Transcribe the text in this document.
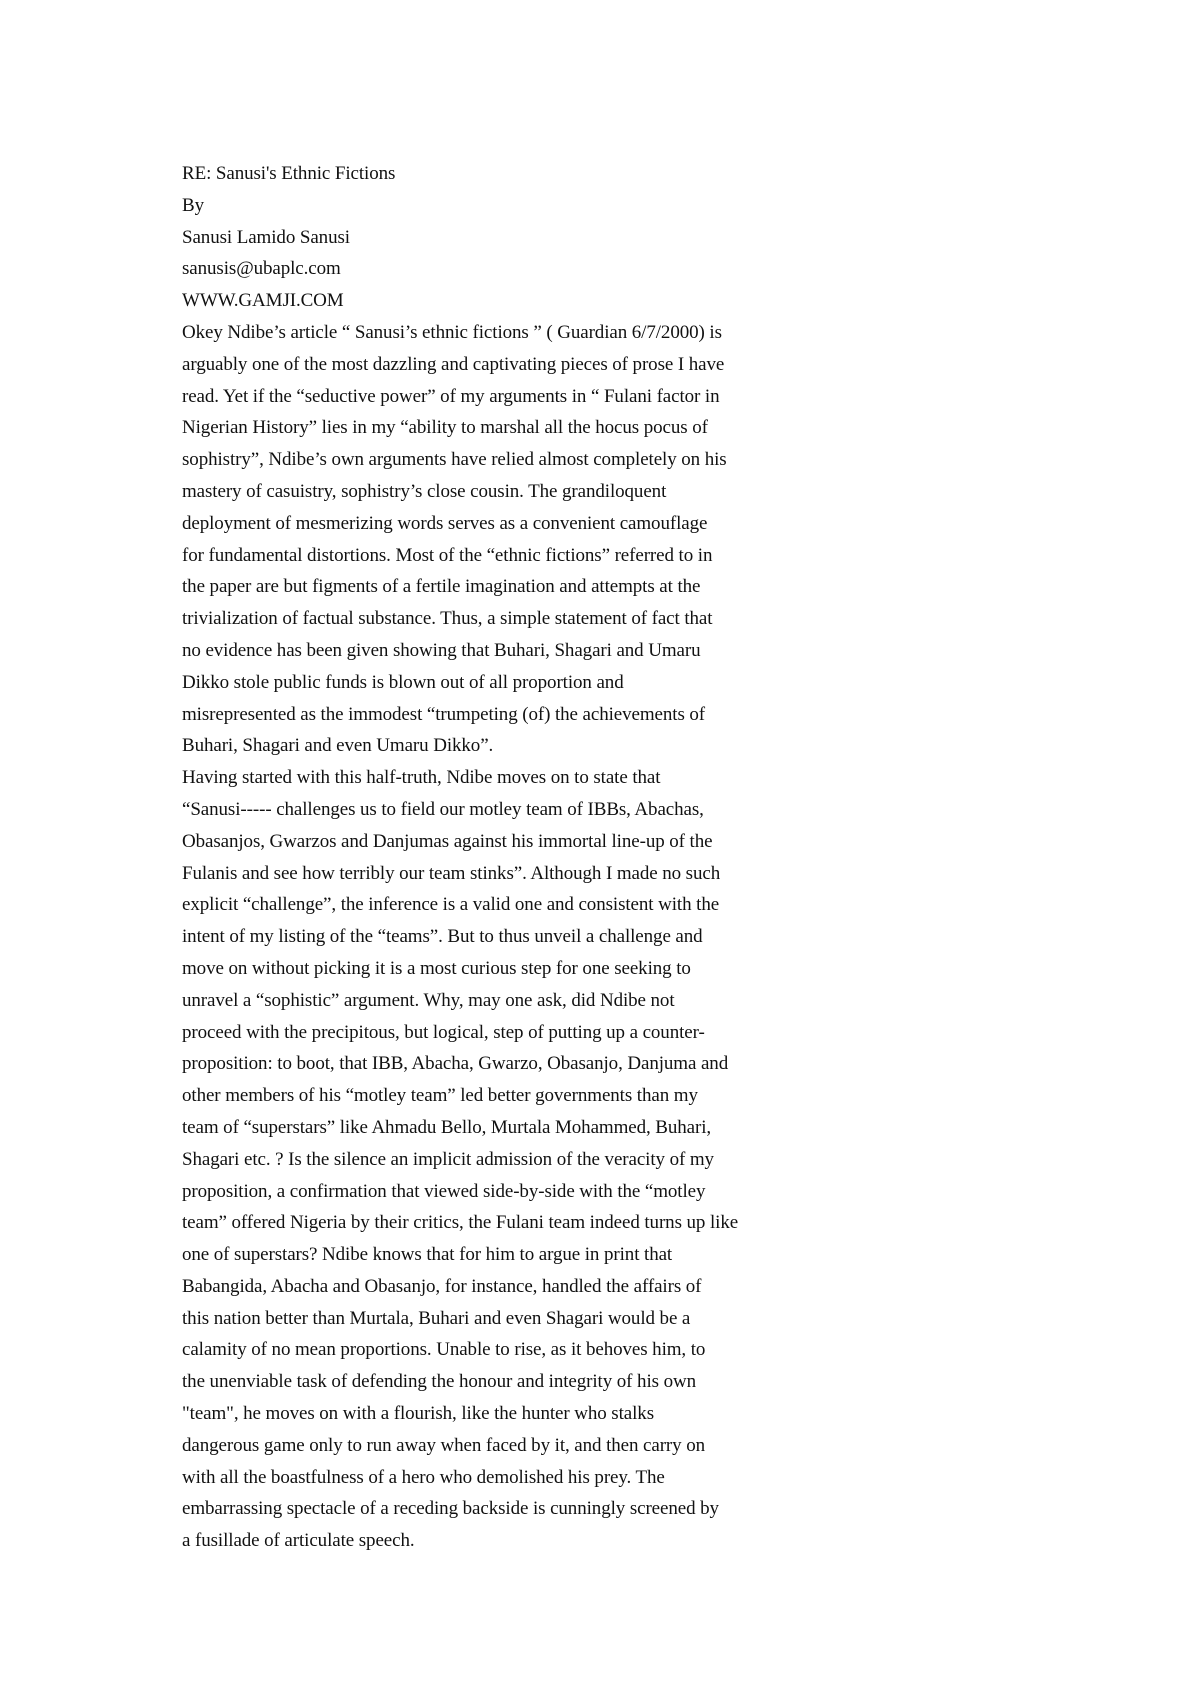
RE: Sanusi's Ethnic Fictions
By
Sanusi Lamido Sanusi
sanusis@ubaplc.com
WWW.GAMJI.COM
Okey Ndibe’s article “ Sanusi’s ethnic fictions ” ( Guardian 6/7/2000) is
arguably one of the most dazzling and captivating pieces of prose I have
read. Yet if the “seductive power” of my arguments in “ Fulani factor in
Nigerian History” lies in my “ability to marshal all the hocus pocus of
sophistry”, Ndibe’s own arguments have relied almost completely on his
mastery of casuistry, sophistry’s close cousin. The grandiloquent
deployment of mesmerizing words serves as a convenient camouflage
for fundamental distortions. Most of the “ethnic fictions” referred to in
the paper are but figments of a fertile imagination and attempts at the
trivialization of factual substance. Thus, a simple statement of fact that
no evidence has been given showing that Buhari, Shagari and Umaru
Dikko stole public funds is blown out of all proportion and
misrepresented as the immodest “trumpeting (of) the achievements of
Buhari, Shagari and even Umaru Dikko”.
Having started with this half-truth, Ndibe moves on to state that
“Sanusi----- challenges us to field our motley team of IBBs, Abachas,
Obasanjos, Gwarzos and Danjumas against his immortal line-up of the
Fulanis and see how terribly our team stinks”. Although I made no such
explicit “challenge”, the inference is a valid one and consistent with the
intent of my listing of the “teams”. But to thus unveil a challenge and
move on without picking it is a most curious step for one seeking to
unravel a “sophistic” argument. Why, may one ask, did Ndibe not
proceed with the precipitous, but logical, step of putting up a counter-
proposition: to boot, that IBB, Abacha, Gwarzo, Obasanjo, Danjuma and
other members of his “motley team” led better governments than my
team of “superstars” like Ahmadu Bello, Murtala Mohammed, Buhari,
Shagari etc. ? Is the silence an implicit admission of the veracity of my
proposition, a confirmation that viewed side-by-side with the “motley
team” offered Nigeria by their critics, the Fulani team indeed turns up like
one of superstars? Ndibe knows that for him to argue in print that
Babangida, Abacha and Obasanjo, for instance, handled the affairs of
this nation better than Murtala, Buhari and even Shagari would be a
calamity of no mean proportions. Unable to rise, as it behoves him, to
the unenviable task of defending the honour and integrity of his own
"team", he moves on with a flourish, like the hunter who stalks
dangerous game only to run away when faced by it, and then carry on
with all the boastfulness of a hero who demolished his prey. The
embarrassing spectacle of a receding backside is cunningly screened by
a fusillade of articulate speech.
